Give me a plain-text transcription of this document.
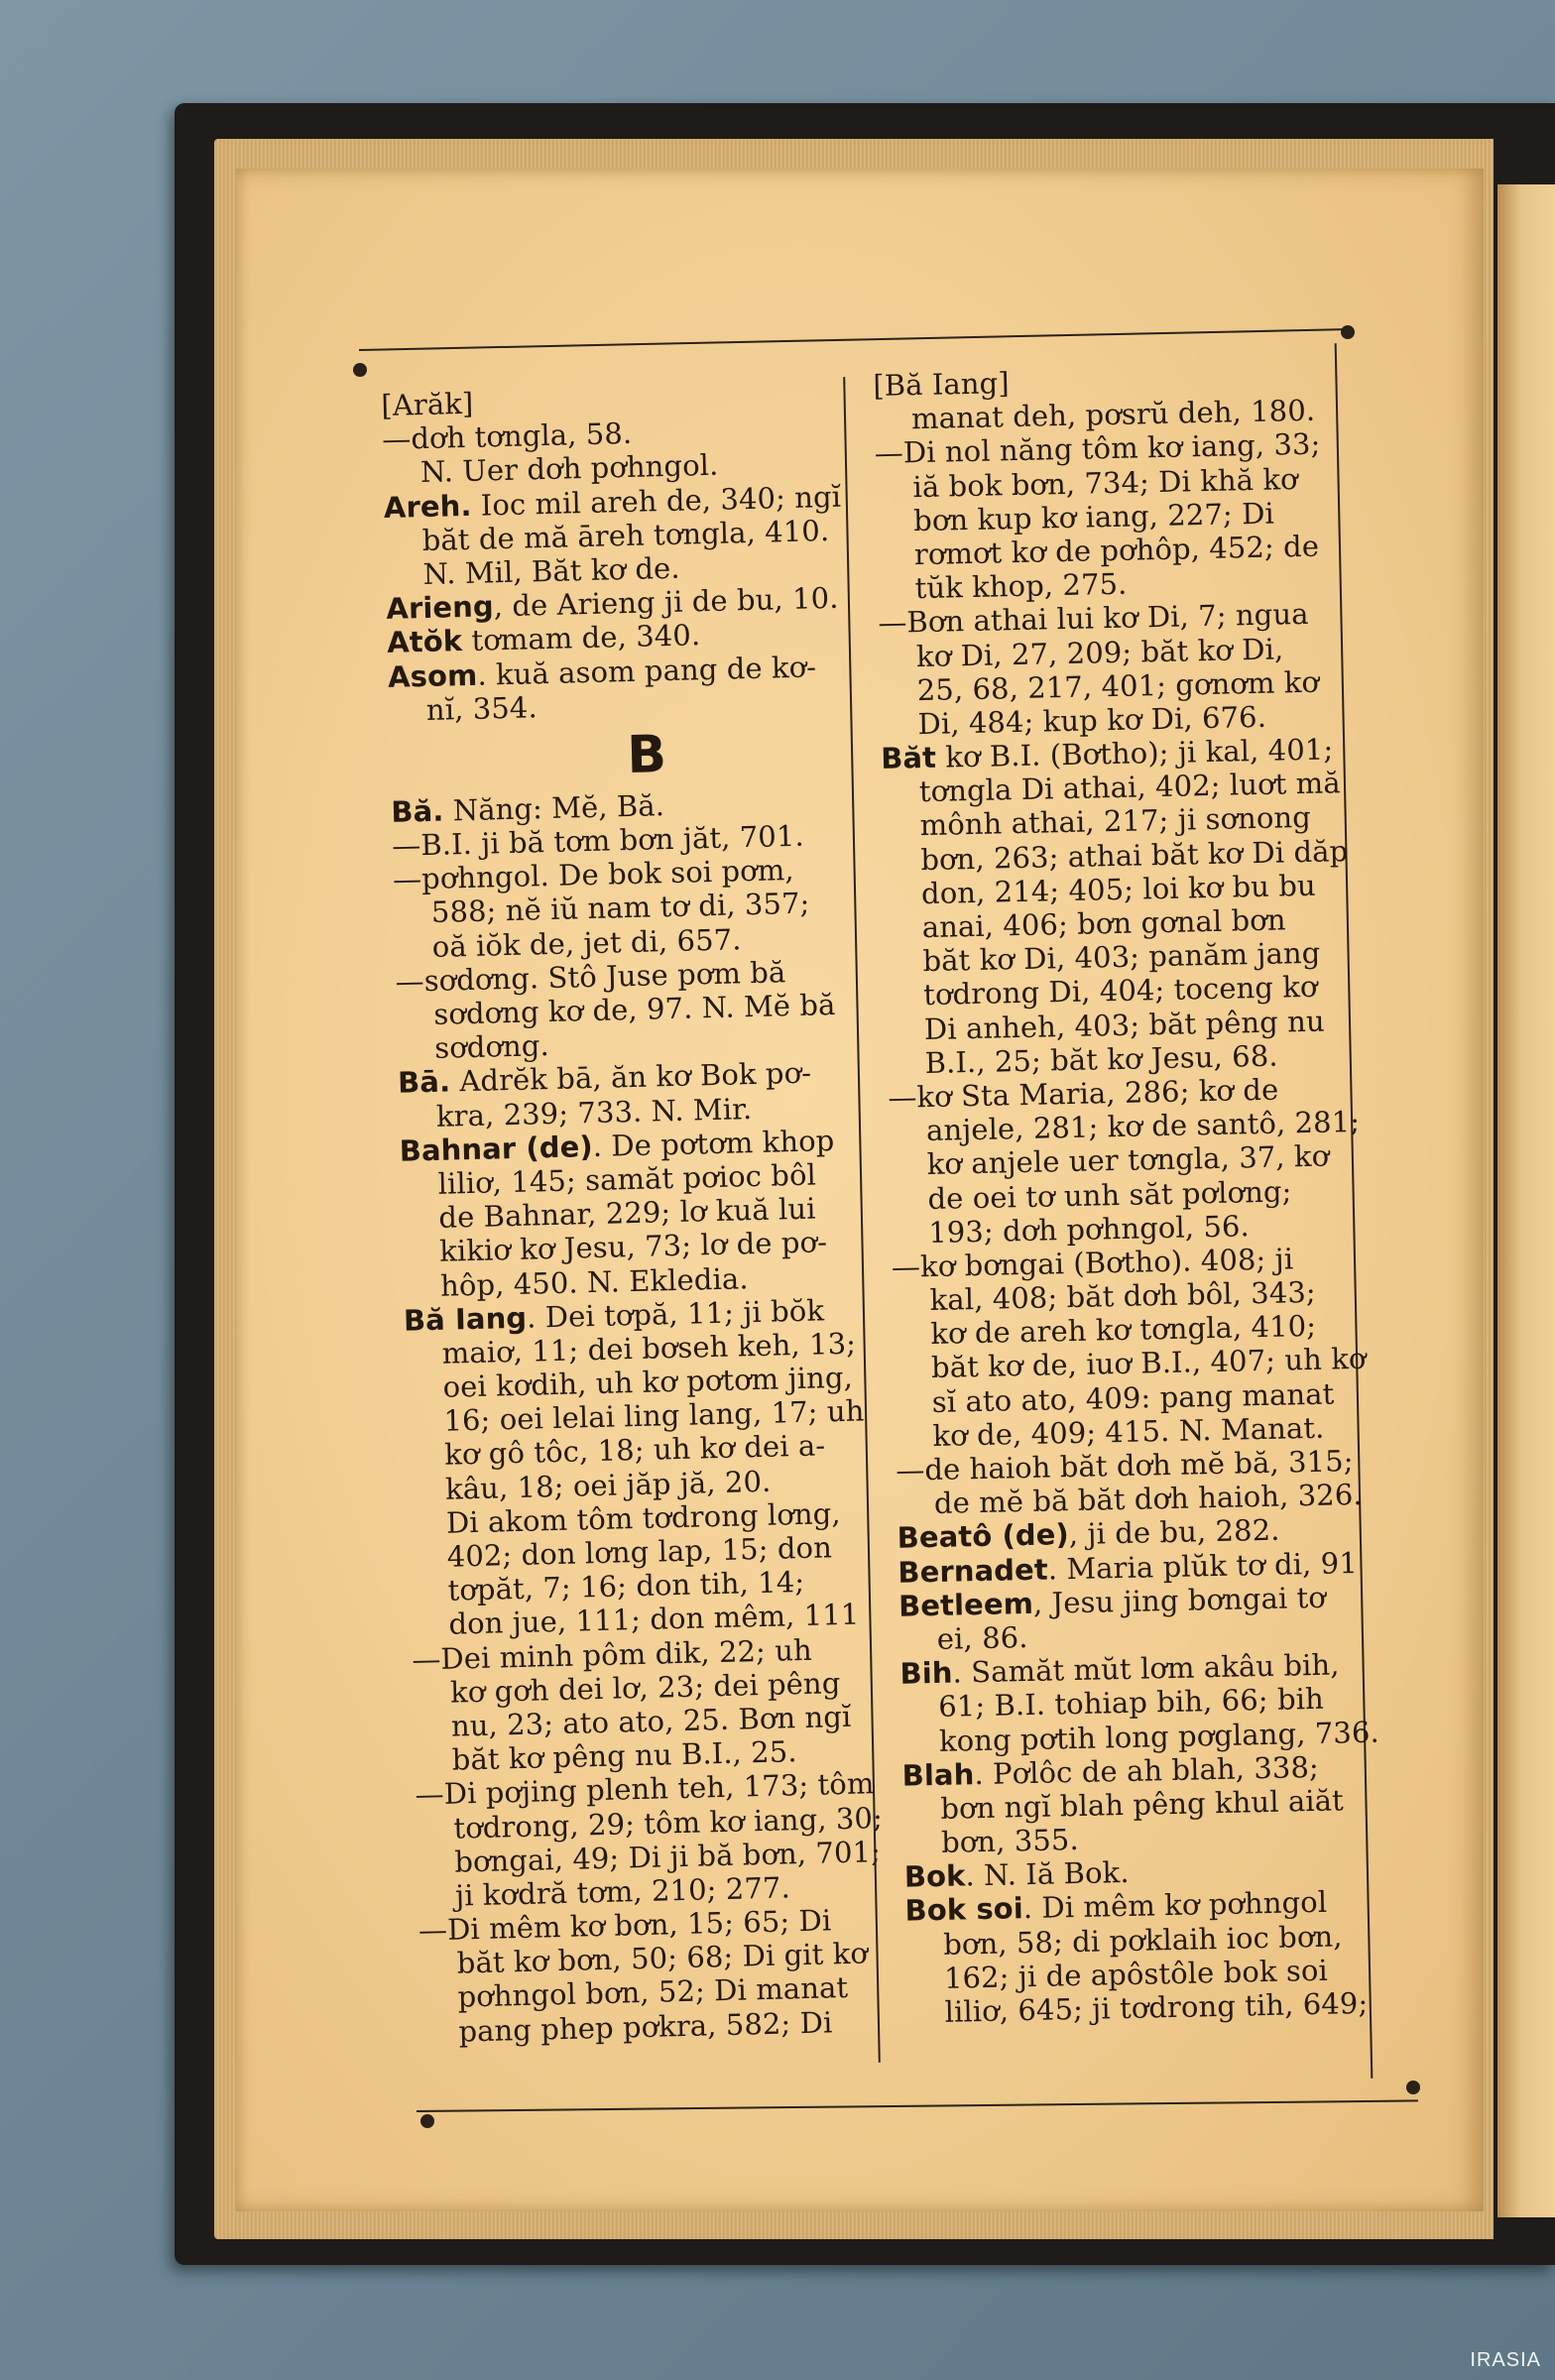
[Arăk]
—dơh tơngla, 58.
N. Uer dơh pơhngol.
Areh. Ioc mil areh de, 340; ngĭ
băt de mă āreh tơngla, 410.
N. Mil, Băt kơ de.
Arieng, de Arieng ji de bu, 10.
Atŏk tơmam de, 340.
Asom. kuă asom pang de kơ-
nĭ, 354.
B
Bă. Năng: Mĕ, Bă.
—B.I. ji bă tơm bơn jăt, 701.
—pơhngol. De bok soi pơm,
588; nĕ iŭ nam tơ di, 357;
oă iŏk de, jet di, 657.
—sơdơng. Stô Juse pơm bă
sơdơng kơ de, 97. N. Mĕ bă
sơdơng.
Bā. Adrĕk bā, ăn kơ Bok pơ-
kra, 239; 733. N. Mir.
Bahnar (de). De pơtơm khop
liliơ, 145; samăt pơioc bôl
de Bahnar, 229; lơ kuă lui
kikiơ kơ Jesu, 73; lơ de pơ-
hôp, 450. N. Ekledia.
Bă Iang. Dei tơpă, 11; ji bŏk
maiơ, 11; dei bơseh keh, 13;
oei kơdih, uh kơ pơtơm jing,
16; oei lelai ling lang, 17; uh
kơ gô tôc, 18; uh kơ dei a-
kâu, 18; oei jăp jă, 20.
Di akom tôm tơdrong lơng,
402; don lơng lap, 15; don
tơpăt, 7; 16; don tih, 14;
don jue, 111; don mêm, 111
—Dei minh pôm dik, 22; uh
kơ gơh dei lơ, 23; dei pêng
nu, 23; ato ato, 25. Bơn ngĭ
băt kơ pêng nu B.I., 25.
—Di pơjing plenh teh, 173; tôm
tơdrong, 29; tôm kơ iang, 30;
bơngai, 49; Di ji bă bơn, 701;
ji kơdră tơm, 210; 277.
—Di mêm kơ bơn, 15; 65; Di
băt kơ bơn, 50; 68; Di git kơ
pơhngol bơn, 52; Di manat
pang phep pơkra, 582; Di
[Bă Iang]
manat deh, pơsrŭ deh, 180.
—Di nol năng tôm kơ iang, 33;
iă bok bơn, 734; Di khă kơ
bơn kup kơ iang, 227; Di
rơmơt kơ de pơhôp, 452; de
tŭk khop, 275.
—Bơn athai lui kơ Di, 7; ngua
kơ Di, 27, 209; băt kơ Di,
25, 68, 217, 401; gơnơm kơ
Di, 484; kup kơ Di, 676.
Băt kơ B.I. (Bơtho); ji kal, 401;
tơngla Di athai, 402; luơt mă
mônh athai, 217; ji sơnong
bơn, 263; athai băt kơ Di dăp
don, 214; 405; loi kơ bu bu
anai, 406; bơn gơnal bơn
băt kơ Di, 403; panăm jang
tơdrong Di, 404; toceng kơ
Di anheh, 403; băt pêng nu
B.I., 25; băt kơ Jesu, 68.
—kơ Sta Maria, 286; kơ de
anjele, 281; kơ de santô, 281;
kơ anjele uer tơngla, 37, kơ
de oei tơ unh săt pơlơng;
193; dơh pơhngol, 56.
—kơ bơngai (Bơtho). 408; ji
kal, 408; băt dơh bôl, 343;
kơ de areh kơ tơngla, 410;
băt kơ de, iuơ B.I., 407; uh kơ
sĭ ato ato, 409: pang manat
kơ de, 409; 415. N. Manat.
—de haioh băt dơh mĕ bă, 315;
de mĕ bă băt dơh haioh, 326.
Beatô (de), ji de bu, 282.
Bernadet. Maria plŭk tơ di, 91
Betleem, Jesu jing bơngai tơ
ei, 86.
Bih. Samăt mŭt lơm akâu bih,
61; B.I. tohiap bih, 66; bih
kong pơtih long pơglang, 736.
Blah. Pơlôc de ah blah, 338;
bơn ngĭ blah pêng khul aiăt
bơn, 355.
Bok. N. Iă Bok.
Bok soi. Di mêm kơ pơhngol
bơn, 58; di pơklaih ioc bơn,
162; ji de apôstôle bok soi
liliơ, 645; ji tơdrong tih, 649;
IRASIA
